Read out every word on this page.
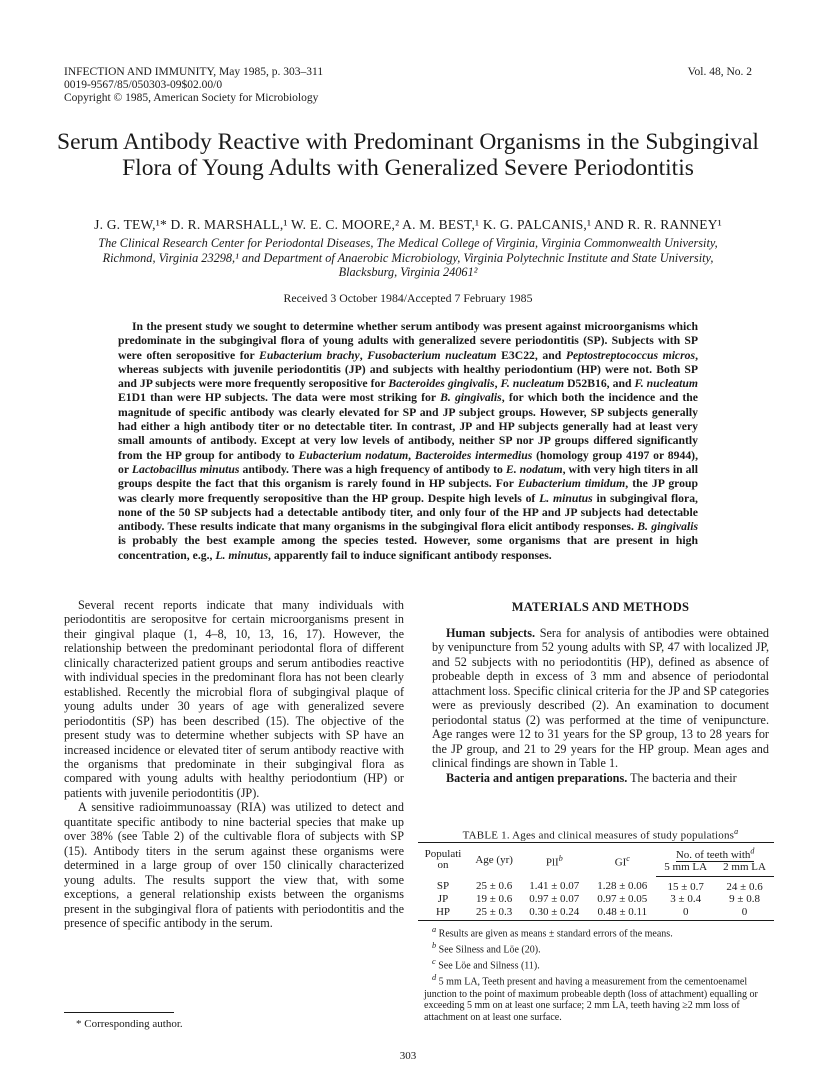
INFECTION AND IMMUNITY, May 1985, p. 303–311
0019-9567/85/050303-09$02.00/0
Copyright © 1985, American Society for Microbiology
Vol. 48, No. 2
Serum Antibody Reactive with Predominant Organisms in the Subgingival Flora of Young Adults with Generalized Severe Periodontitis
J. G. TEW,¹* D. R. MARSHALL,¹ W. E. C. MOORE,² A. M. BEST,¹ K. G. PALCANIS,¹ AND R. R. RANNEY¹
The Clinical Research Center for Periodontal Diseases, The Medical College of Virginia, Virginia Commonwealth University, Richmond, Virginia 23298,¹ and Department of Anaerobic Microbiology, Virginia Polytechnic Institute and State University, Blacksburg, Virginia 24061²
Received 3 October 1984/Accepted 7 February 1985
In the present study we sought to determine whether serum antibody was present against microorganisms which predominate in the subgingival flora of young adults with generalized severe periodontitis (SP). Subjects with SP were often seropositive for Eubacterium brachy, Fusobacterium nucleatum E3C22, and Peptostreptococcus micros, whereas subjects with juvenile periodontitis (JP) and subjects with healthy periodontium (HP) were not. Both SP and JP subjects were more frequently seropositive for Bacteroides gingivalis, F. nucleatum D52B16, and F. nucleatum E1D1 than were HP subjects. The data were most striking for B. gingivalis, for which both the incidence and the magnitude of specific antibody was clearly elevated for SP and JP subject groups. However, SP subjects generally had either a high antibody titer or no detectable titer. In contrast, JP and HP subjects generally had at least very small amounts of antibody. Except at very low levels of antibody, neither SP nor JP groups differed significantly from the HP group for antibody to Eubacterium nodatum, Bacteroides intermedius (homology group 4197 or 8944), or Lactobacillus minutus antibody. There was a high frequency of antibody to E. nodatum, with very high titers in all groups despite the fact that this organism is rarely found in HP subjects. For Eubacterium timidum, the JP group was clearly more frequently seropositive than the HP group. Despite high levels of L. minutus in subgingival flora, none of the 50 SP subjects had a detectable antibody titer, and only four of the HP and JP subjects had detectable antibody. These results indicate that many organisms in the subgingival flora elicit antibody responses. B. gingivalis is probably the best example among the species tested. However, some organisms that are present in high concentration, e.g., L. minutus, apparently fail to induce significant antibody responses.

Several recent reports indicate that many individuals with periodontitis are seropositve for certain microorganisms present in their gingival plaque (1, 4–8, 10, 13, 16, 17). However, the relationship between the predominant periodontal flora of different clinically characterized patient groups and serum antibodies reactive with individual species in the predominant flora has not been clearly established. Recently the microbial flora of subgingival plaque of young adults under 30 years of age with generalized severe periodontitis (SP) has been described (15). The objective of the present study was to determine whether subjects with SP have an increased incidence or elevated titer of serum antibody reactive with the organisms that predominate in their subgingival flora as compared with young adults with healthy periodontium (HP) or patients with juvenile periodontitis (JP).

A sensitive radioimmunoassay (RIA) was utilized to detect and quantitate specific antibody to nine bacterial species that make up over 38% (see Table 2) of the cultivable flora of subjects with SP (15). Antibody titers in the serum against these organisms were determined in a large group of over 150 clinically characterized young adults. The results support the view that, with some exceptions, a general relationship exists between the organisms present in the subgingival flora of patients with periodontitis and the presence of specific antibody in the serum.

MATERIALS AND METHODS

Human subjects. Sera for analysis of antibodies were obtained by venipuncture from 52 young adults with SP, 47 with localized JP, and 52 subjects with no periodontitis (HP), defined as absence of probeable depth in excess of 3 mm and absence of periodontal attachment loss. Specific clinical criteria for the JP and SP categories were as previously described (2). An examination to document periodontal status (2) was performed at the time of venipuncture. Age ranges were 12 to 31 years for the SP group, 13 to 28 years for the JP group, and 21 to 29 years for the HP group. Mean ages and clinical findings are shown in Table 1.

Bacteria and antigen preparations. The bacteria and their

TABLE 1. Ages and clinical measures of study populations$^a$
Population	Age (yr)	PlI$^b$	$GI^c$	No. of teeth with$^d$
				5 mm LA	2 mm LA
SP	25 ± 0.6	1.41 ± 0.07	1.28 ± 0.06	15 ± 0.7	24 ± 0.6
JP	19 ± 0.6	0.97 ± 0.07	0.97 ± 0.05	3 ± 0.4	9 ± 0.8
HP	25 ± 0.3	0.30 ± 0.24	0.48 ± 0.11	0	0
$^a$ Results are given as means ± standard errors of the means.
$^b$ See Silness and Löe (20).
$^c$ See Löe and Silness (11).
$^d$ 5 mm LA, Teeth present and having a measurement from the cementoenamel junction to the point of maximum probeable depth (loss of attachment) equalling or exceeding 5 mm on at least one surface; 2 mm LA, teeth having ≥2 mm loss of attachment on at least one surface.
* Corresponding author.
303
